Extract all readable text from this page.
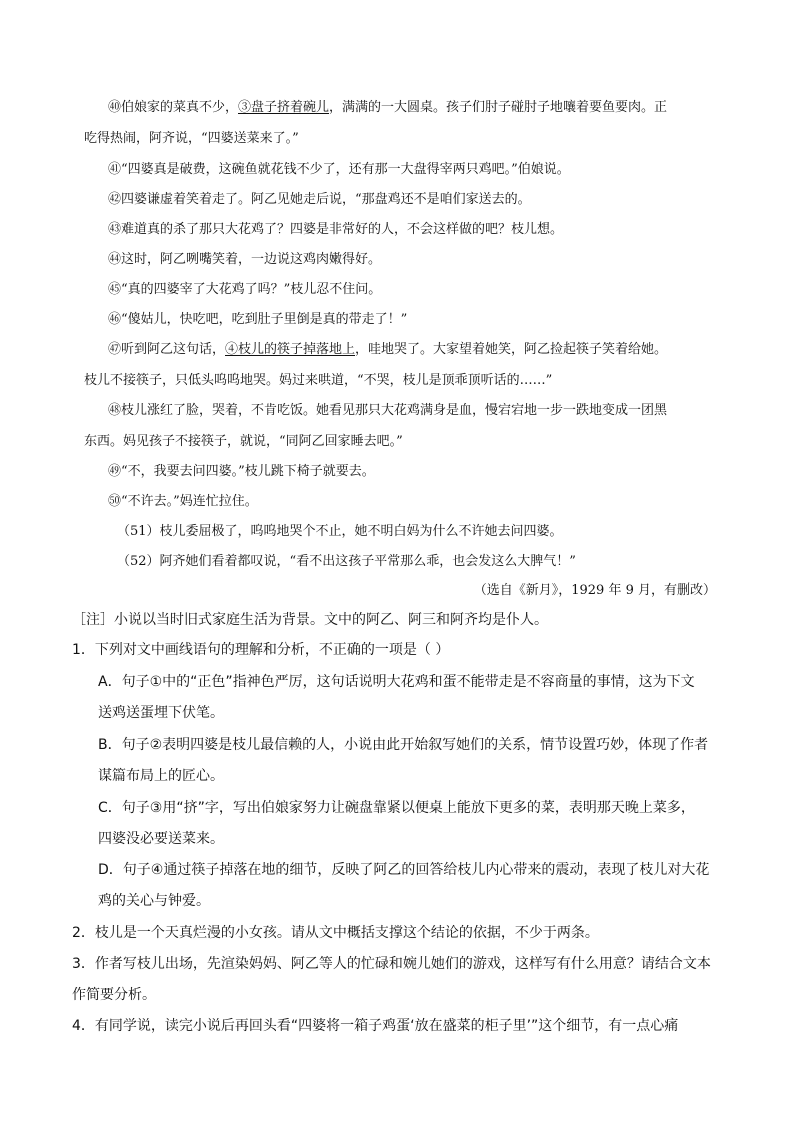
㊵伯娘家的菜真不少，③盘子挤着碗儿，满满的一大圆桌。孩子们肘子碰肘子地嚷着要鱼要肉。正
吃得热闹，阿齐说，“四婆送菜来了。”
㊶“四婆真是破费，这碗鱼就花钱不少了，还有那一大盘得宰两只鸡吧。”伯娘说。
㊷四婆谦虚着笑着走了。阿乙见她走后说，“那盘鸡还不是咱们家送去的。
㊸难道真的杀了那只大花鸡了？四婆是非常好的人，不会这样做的吧？枝儿想。
㊹这时，阿乙咧嘴笑着，一边说这鸡肉嫩得好。
㊺“真的四婆宰了大花鸡了吗？”枝儿忍不住问。
㊻“傻姑儿，快吃吧，吃到肚子里倒是真的带走了！”
㊼听到阿乙这句话，④枝儿的筷子掉落地上，哇地哭了。大家望着她笑，阿乙捡起筷子笑着给她。
枝儿不接筷子，只低头呜呜地哭。妈过来哄道，“不哭，枝儿是顶乖顶听话的……”
㊽枝儿涨红了脸，哭着，不肯吃饭。她看见那只大花鸡满身是血，慢宕宕地一步一跌地变成一团黑
东西。妈见孩子不接筷子，就说，“同阿乙回家睡去吧。”
㊾“不，我要去问四婆。”枝儿跳下椅子就要去。
㊿“不许去。”妈连忙拉住。
（51）枝儿委屈极了，呜呜地哭个不止，她不明白妈为什么不许她去问四婆。
（52）阿齐她们看着都叹说，“看不出这孩子平常那么乖，也会发这么大脾气！”
（选自《新月》，1929 年 9 月，有删改）
［注］小说以当时旧式家庭生活为背景。文中的阿乙、阿三和阿齐均是仆人。
1．下列对文中画线语句的理解和分析，不正确的一项是（ ）
A．句子①中的“正色”指神色严厉，这句话说明大花鸡和蛋不能带走是不容商量的事情，这为下文
送鸡送蛋埋下伏笔。
B．句子②表明四婆是枝儿最信赖的人，小说由此开始叙写她们的关系，情节设置巧妙，体现了作者
谋篇布局上的匠心。
C．句子③用“挤”字，写出伯娘家努力让碗盘靠紧以便桌上能放下更多的菜，表明那天晚上菜多，
四婆没必要送菜来。
D．句子④通过筷子掉落在地的细节，反映了阿乙的回答给枝儿内心带来的震动，表现了枝儿对大花
鸡的关心与钟爱。
2．枝儿是一个天真烂漫的小女孩。请从文中概括支撑这个结论的依据，不少于两条。
3．作者写枝儿出场，先渲染妈妈、阿乙等人的忙碌和婉儿她们的游戏，这样写有什么用意？请结合文本
作简要分析。
4．有同学说，读完小说后再回头看“四婆将一箱子鸡蛋‘放在盛菜的柜子里’”这个细节，有一点心痛
